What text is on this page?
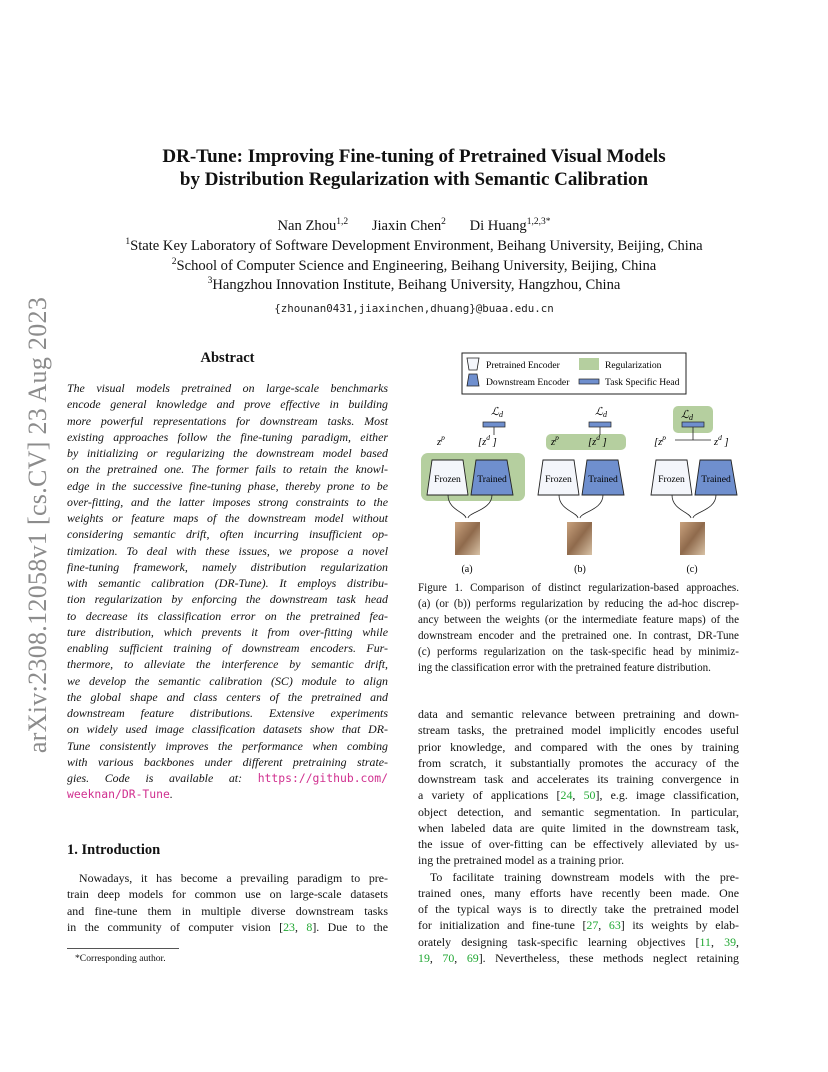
arXiv:2308.12058v1 [cs.CV] 23 Aug 2023
DR-Tune: Improving Fine-tuning of Pretrained Visual Models
by Distribution Regularization with Semantic Calibration
Nan Zhou$^{1,2}$ Jiaxin Chen$^2$ Di Huang$^{1,2,3*}$
$^1$State Key Laboratory of Software Development Environment, Beihang University, Beijing, China
$^2$School of Computer Science and Engineering, Beihang University, Beijing, China
$^3$Hangzhou Innovation Institute, Beihang University, Hangzhou, China
{zhounan0431,jiaxinchen,dhuang}@buaa.edu.cn
Abstract
The visual models pretrained on large-scale benchmarks
encode general knowledge and prove effective in building
more powerful representations for downstream tasks. Most
existing approaches follow the fine-tuning paradigm, either
by initializing or regularizing the downstream model based
on the pretrained one. The former fails to retain the knowl-
edge in the successive fine-tuning phase, thereby prone to be
over-fitting, and the latter imposes strong constraints to the
weights or feature maps of the downstream model without
considering semantic drift, often incurring insufficient op-
timization. To deal with these issues, we propose a novel
fine-tuning framework, namely distribution regularization
with semantic calibration (DR-Tune). It employs distribu-
tion regularization by enforcing the downstream task head
to decrease its classification error on the pretrained fea-
ture distribution, which prevents it from over-fitting while
enabling sufficient training of downstream encoders. Fur-
thermore, to alleviate the interference by semantic drift,
we develop the semantic calibration (SC) module to align
the global shape and class centers of the pretrained and
downstream feature distributions. Extensive experiments
on widely used image classification datasets show that DR-
Tune consistently improves the performance when combing
with various backbones under different pretraining strate-
gies. Code is available at: https://github.com/
weeknan/DR-Tune.
1. Introduction
Nowadays, it has become a prevailing paradigm to pre-
train deep models for common use on large-scale datasets
and fine-tune them in multiple diverse downstream tasks
in the community of computer vision [23, 8]. Due to the
*Corresponding author.
Pretrained Encoder
Downstream Encoder
Regularization
Task Specific Head
ℒd
$z^p$	[$z^d$ ]
Frozen Trained
(a)
ℒd
$z^p$	[$z^d$ ]
Frozen Trained
(b)
ℒd
[$z^p$	$z^d$ ]
Frozen Trained
(c)
Figure 1. Comparison of distinct regularization-based approaches.
(a) (or (b)) performs regularization by reducing the ad-hoc discrep-
ancy between the weights (or the intermediate feature maps) of the
downstream encoder and the pretrained one. In contrast, DR-Tune
(c) performs regularization on the task-specific head by minimiz-
ing the classification error with the pretrained feature distribution.
data and semantic relevance between pretraining and down-
stream tasks, the pretrained model implicitly encodes useful
prior knowledge, and compared with the ones by training
from scratch, it substantially promotes the accuracy of the
downstream task and accelerates its training convergence in
a variety of applications [24, 50], e.g. image classification,
object detection, and semantic segmentation. In particular,
when labeled data are quite limited in the downstream task,
the issue of over-fitting can be effectively alleviated by us-
ing the pretrained model as a training prior.
To facilitate training downstream models with the pre-
trained ones, many efforts have recently been made. One
of the typical ways is to directly take the pretrained model
for initialization and fine-tune [27, 63] its weights by elab-
orately designing task-specific learning objectives [11, 39,
19, 70, 69]. Nevertheless, these methods neglect retaining
